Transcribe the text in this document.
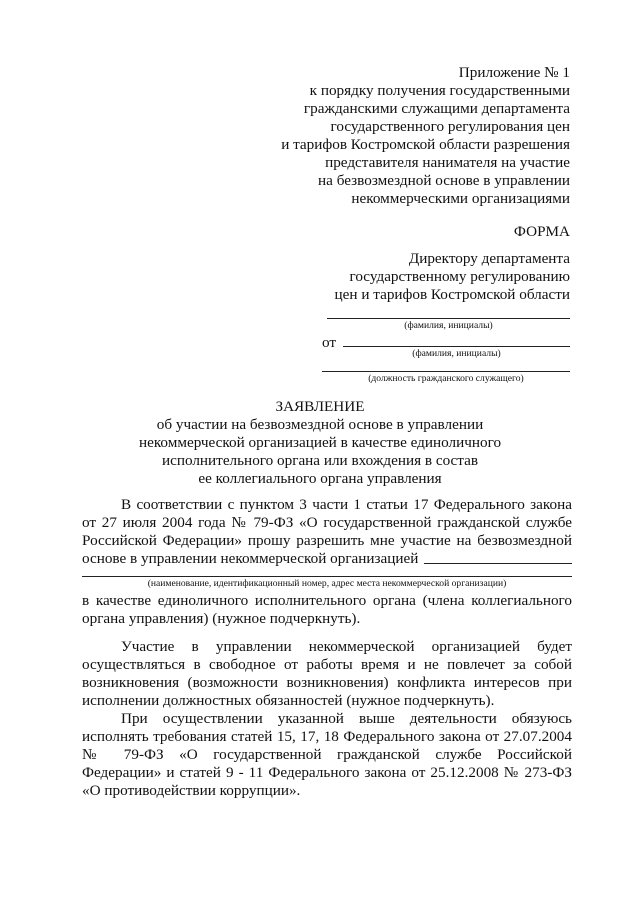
Приложение № 1
к порядку получения государственными
гражданскими служащими департамента
государственного регулирования цен
и тарифов Костромской области разрешения
представителя нанимателя на участие
на безвозмездной основе в управлении
некоммерческими организациями
ФОРМА
Директору департамента
государственному регулированию
цен и тарифов Костромской области
(фамилия, инициалы)
от
(фамилия, инициалы)
(должность гражданского служащего)
ЗАЯВЛЕНИЕ
об участии на безвозмездной основе в управлении
некоммерческой организацией в качестве единоличного
исполнительного органа или вхождения в состав
ее коллегиального органа управления
В соответствии с пунктом 3 части 1 статьи 17 Федерального закона
от 27 июля 2004 года № 79-ФЗ «О государственной гражданской службе
Российской Федерации» прошу разрешить мне участие на безвозмездной
основе в управлении некоммерческой организацией
(наименование, идентификационный номер, адрес места некоммерческой организации)
в качестве единоличного исполнительного органа (члена коллегиального
органа управления) (нужное подчеркнуть).
Участие в управлении некоммерческой организацией будет
осуществляться в свободное от работы время и не повлечет за собой
возникновения (возможности возникновения) конфликта интересов при
исполнении должностных обязанностей (нужное подчеркнуть).
При осуществлении указанной выше деятельности обязуюсь
исполнять требования статей 15, 17, 18 Федерального закона от 27.07.2004
№ 79-ФЗ «О государственной гражданской службе Российской
Федерации» и статей 9 - 11 Федерального закона от 25.12.2008 № 273-ФЗ
«О противодействии коррупции».
